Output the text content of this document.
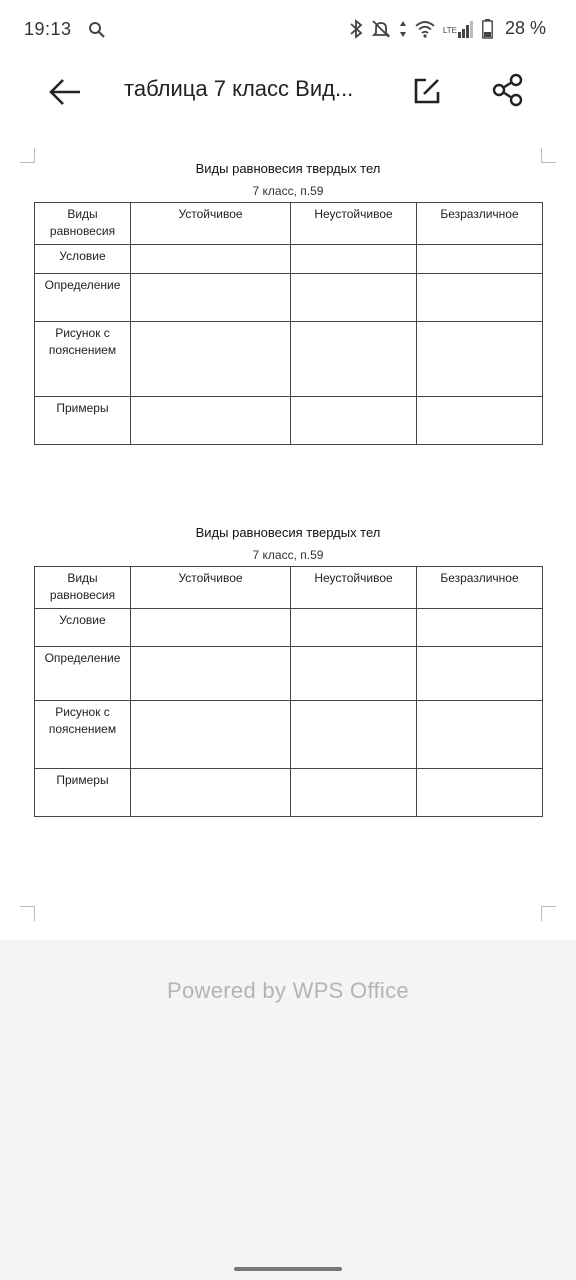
19:13	LTE	28 %
таблица 7 класс Вид...
Виды равновесия твердых тел
7 класс, п.59
Виды равновесия	Устойчивое	Неустойчивое	Безразличное
Условие			
Определение			
Рисунок с пояснением			
Примеры			
Виды равновесия твердых тел
7 класс, п.59
Виды равновесия	Устойчивое	Неустойчивое	Безразличное
Условие			
Определение			
Рисунок с пояснением			
Примеры			
Powered by WPS Office
